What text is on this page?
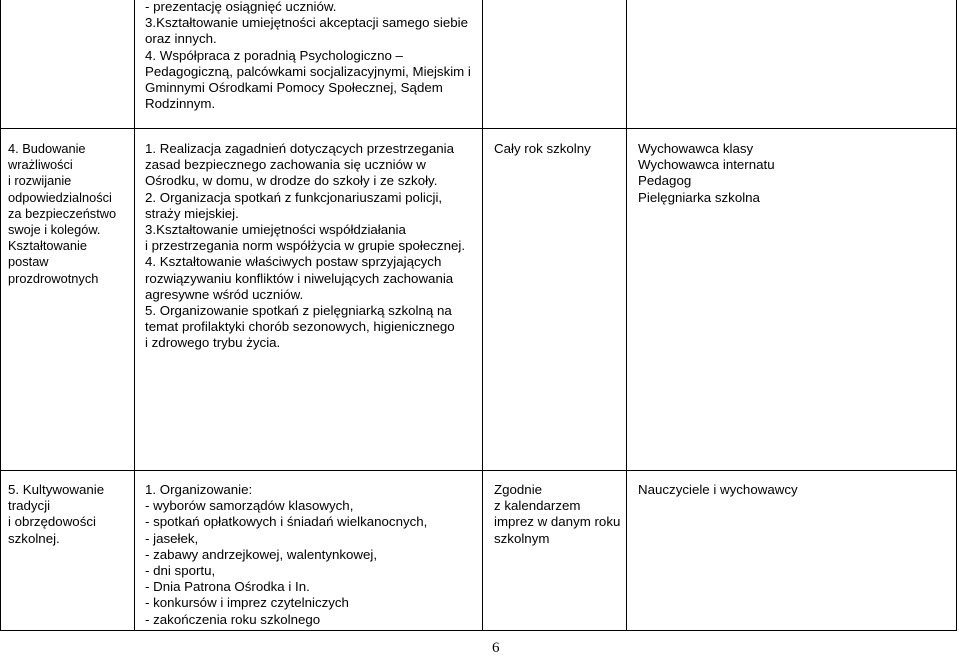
- prezentację osiągnięć uczniów.
3.Kształtowanie umiejętności akceptacji samego siebie
oraz innych.
4. Współpraca z poradnią Psychologiczno –
Pedagogiczną, palcówkami socjalizacyjnymi, Miejskim i
Gminnymi Ośrodkami Pomocy Społecznej, Sądem
Rodzinnym.
4. Budowanie
wrażliwości
i rozwijanie
odpowiedzialności
za bezpieczeństwo
swoje i kolegów.
Kształtowanie
postaw
prozdrowotnych
1. Realizacja zagadnień dotyczących przestrzegania
zasad bezpiecznego zachowania się uczniów w
Ośrodku, w domu, w drodze do szkoły i ze szkoły.
2. Organizacja spotkań z funkcjonariuszami policji,
straży miejskiej.
3.Kształtowanie umiejętności współdziałania
i przestrzegania norm współżycia w grupie społecznej.
4. Kształtowanie właściwych postaw sprzyjających
rozwiązywaniu konfliktów i niwelujących zachowania
agresywne wśród uczniów.
5. Organizowanie spotkań z pielęgniarką szkolną na
temat profilaktyki chorób sezonowych, higienicznego
i zdrowego trybu życia.
Cały rok szkolny	Wychowawca klasy
Wychowawca internatu
Pedagog
Pielęgniarka szkolna
5. Kultywowanie
tradycji
i obrzędowości
szkolnej.
1. Organizowanie:
- wyborów samorządów klasowych,
- spotkań opłatkowych i śniadań wielkanocnych,
- jasełek,
- zabawy andrzejkowej, walentynkowej,
- dni sportu,
- Dnia Patrona Ośrodka i In.
- konkursów i imprez czytelniczych
- zakończenia roku szkolnego
Zgodnie
z kalendarzem
imprez w danym roku
szkolnym
Nauczyciele i wychowawcy
6
